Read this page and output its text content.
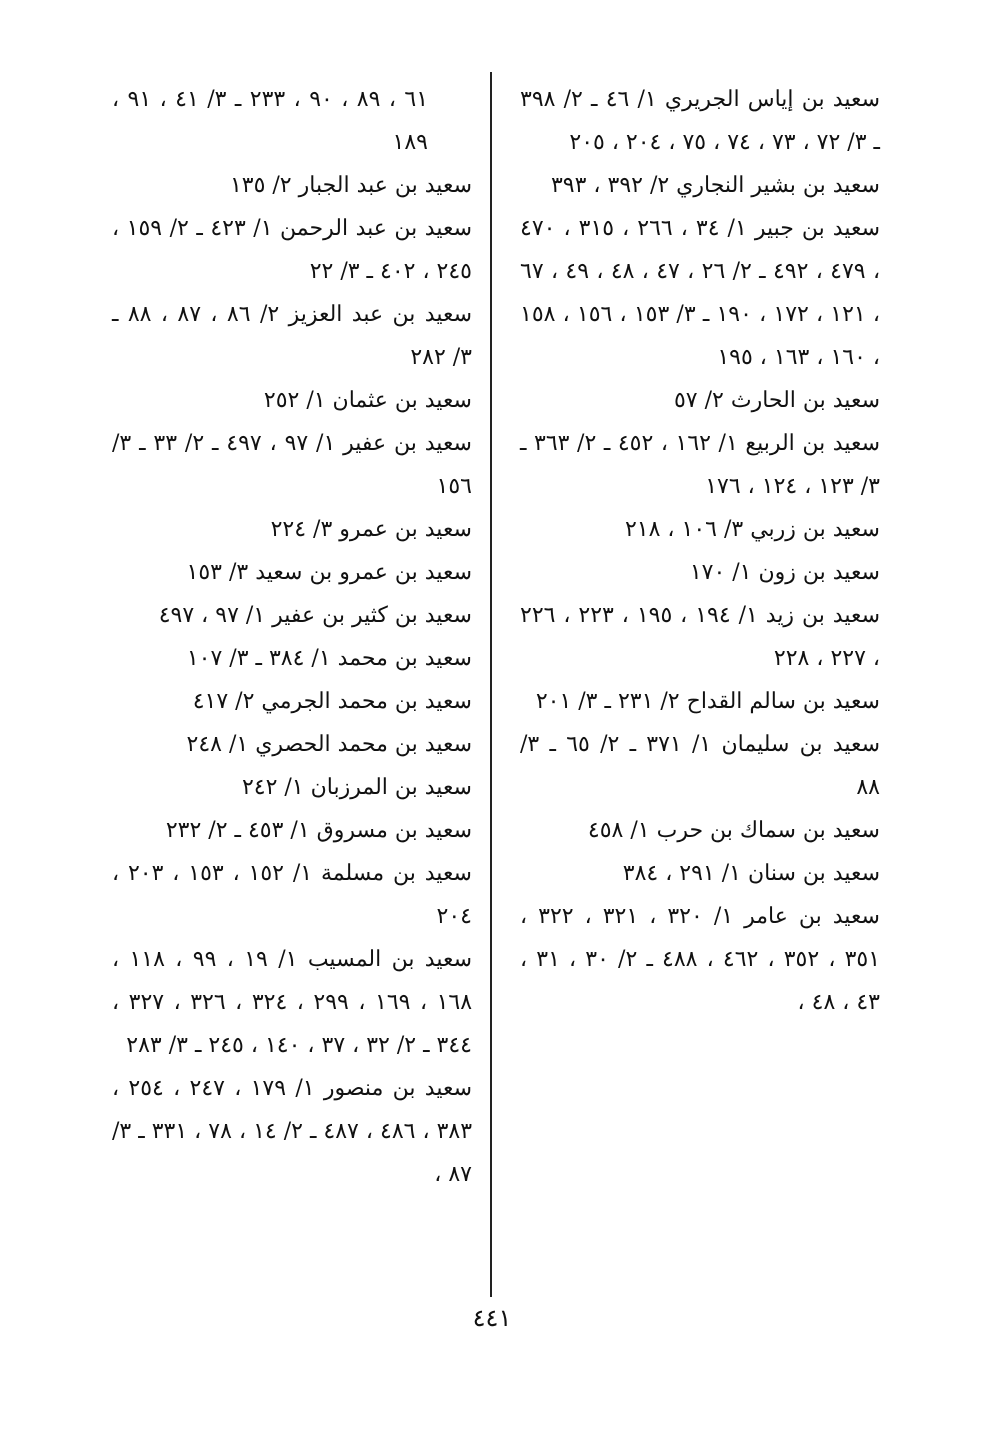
سعيد بن إياس الجريري ١/ ٤٦ ـ ٢/ ٣٩٨ ـ ٣/ ٧٢ ، ٧٣ ، ٧٤ ، ٧٥ ، ٢٠٤ ، ٢٠٥
سعيد بن بشير النجاري ٢/ ٣٩٢ ، ٣٩٣
سعيد بن جبير ١/ ٣٤ ، ٢٦٦ ، ٣١٥ ، ٤٧٠ ، ٤٧٩ ، ٤٩٢ ـ ٢/ ٢٦ ، ٤٧ ، ٤٨ ، ٤٩ ، ٦٧ ، ١٢١ ، ١٧٢ ، ١٩٠ ـ ٣/ ١٥٣ ، ١٥٦ ، ١٥٨ ، ١٦٠ ، ١٦٣ ، ١٩٥
سعيد بن الحارث ٢/ ٥٧
سعيد بن الربيع ١/ ١٦٢ ، ٤٥٢ ـ ٢/ ٣٦٣ ـ ٣/ ١٢٣ ، ١٢٤ ، ١٧٦
سعيد بن زربي ٣/ ١٠٦ ، ٢١٨
سعيد بن زون ١/ ١٧٠
سعيد بن زيد ١/ ١٩٤ ، ١٩٥ ، ٢٢٣ ، ٢٢٦ ، ٢٢٧ ، ٢٢٨
سعيد بن سالم القداح ٢/ ٢٣١ ـ ٣/ ٢٠١
سعيد بن سليمان ١/ ٣٧١ ـ ٢/ ٦٥ ـ ٣/ ٨٨
سعيد بن سماك بن حرب ١/ ٤٥٨
سعيد بن سنان ١/ ٢٩١ ، ٣٨٤
سعيد بن عامر ١/ ٣٢٠ ، ٣٢١ ، ٣٢٢ ، ٣٥١ ، ٣٥٢ ، ٤٦٢ ، ٤٨٨ ـ ٢/ ٣٠ ، ٣١ ، ٤٣ ، ٤٨ ،
٦١ ، ٨٩ ، ٩٠ ، ٢٣٣ ـ ٣/ ٤١ ، ٩١ ، ١٨٩
سعيد بن عبد الجبار ٢/ ١٣٥
سعيد بن عبد الرحمن ١/ ٤٢٣ ـ ٢/ ١٥٩ ، ٢٤٥ ، ٤٠٢ ـ ٣/ ٢٢
سعيد بن عبد العزيز ٢/ ٨٦ ، ٨٧ ، ٨٨ ـ ٣/ ٢٨٢
سعيد بن عثمان ١/ ٢٥٢
سعيد بن عفير ١/ ٩٧ ، ٤٩٧ ـ ٢/ ٣٣ ـ ٣/ ١٥٦
سعيد بن عمرو ٣/ ٢٢٤
سعيد بن عمرو بن سعيد ٣/ ١٥٣
سعيد بن كثير بن عفير ١/ ٩٧ ، ٤٩٧
سعيد بن محمد ١/ ٣٨٤ ـ ٣/ ١٠٧
سعيد بن محمد الجرمي ٢/ ٤١٧
سعيد بن محمد الحصري ١/ ٢٤٨
سعيد بن المرزبان ١/ ٢٤٢
سعيد بن مسروق ١/ ٤٥٣ ـ ٢/ ٢٣٢
سعيد بن مسلمة ١/ ١٥٢ ، ١٥٣ ، ٢٠٣ ، ٢٠٤
سعيد بن المسيب ١/ ١٩ ، ٩٩ ، ١١٨ ، ١٦٨ ، ١٦٩ ، ٢٩٩ ، ٣٢٤ ، ٣٢٦ ، ٣٢٧ ، ٣٤٤ ـ ٢/ ٣٢ ، ٣٧ ، ١٤٠ ، ٢٤٥ ـ ٣/ ٢٨٣
سعيد بن منصور ١/ ١٧٩ ، ٢٤٧ ، ٢٥٤ ، ٣٨٣ ، ٤٨٦ ، ٤٨٧ ـ ٢/ ١٤ ، ٧٨ ، ٣٣١ ـ ٣/ ٨٧ ،
٤٤١
